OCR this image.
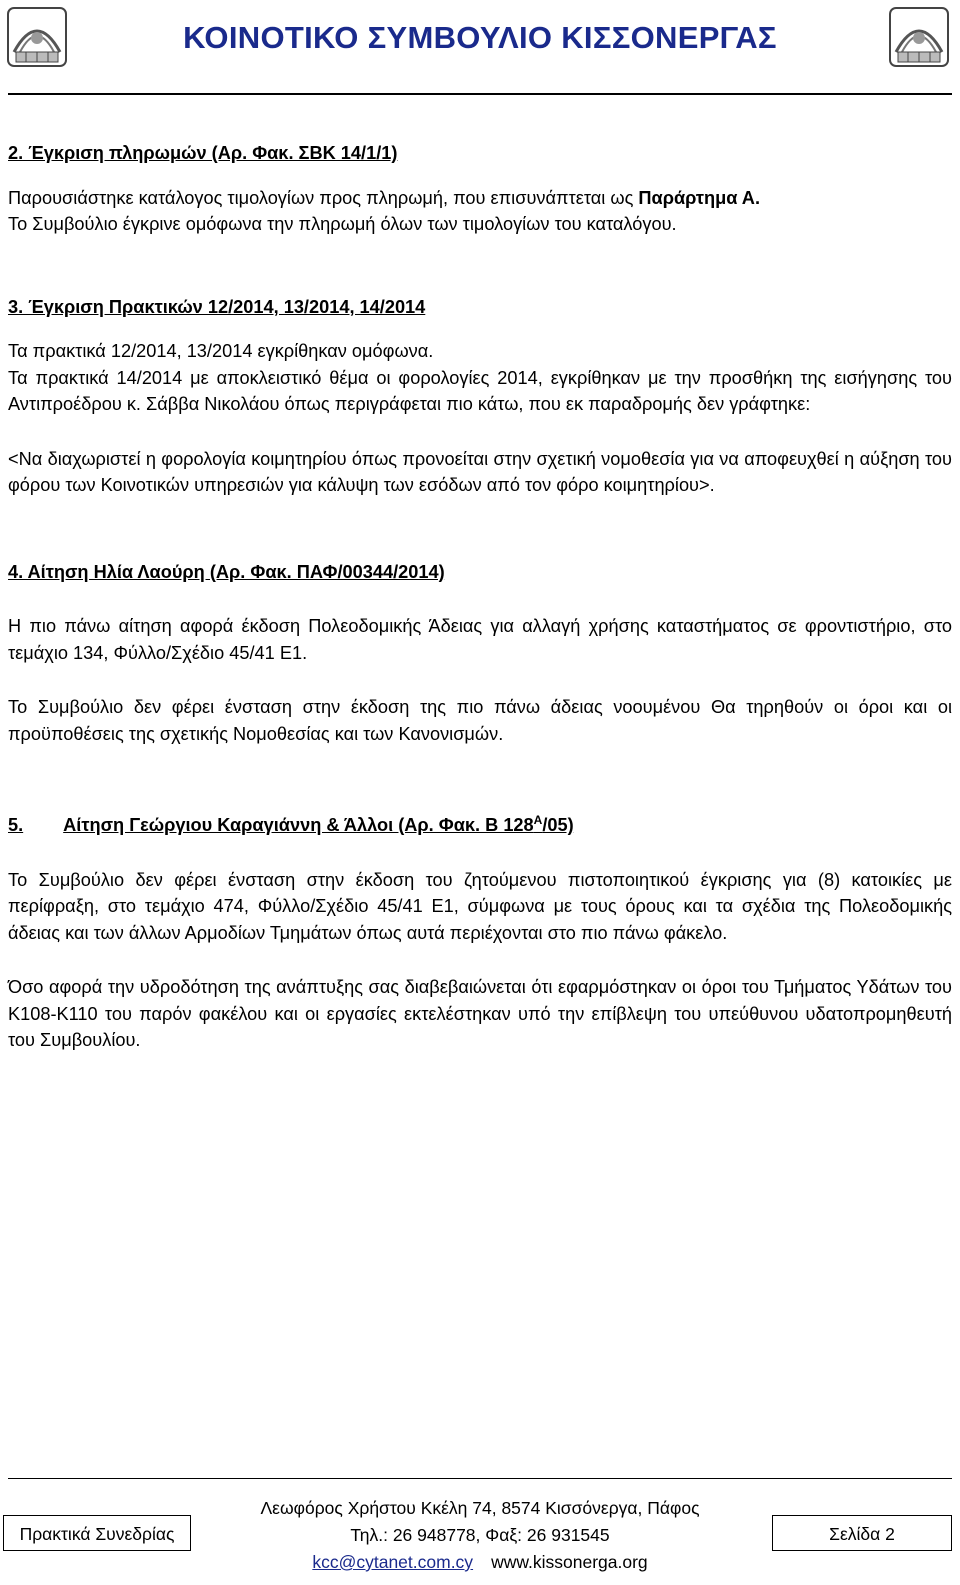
ΚΟΙΝΟΤΙΚΟ ΣΥΜΒΟΥΛΙΟ ΚΙΣΣΟΝΕΡΓΑΣ

2. Έγκριση πληρωμών (Αρ. Φακ. ΣΒΚ 14/1/1)

Παρουσιάστηκε κατάλογος τιμολογίων προς πληρωμή, που επισυνάπτεται ως Παράρτημα Α.

Το Συμβούλιο έγκρινε ομόφωνα την πληρωμή όλων των τιμολογίων του καταλόγου.

3. Έγκριση Πρακτικών 12/2014, 13/2014, 14/2014

Τα πρακτικά 12/2014, 13/2014 εγκρίθηκαν ομόφωνα.

Τα πρακτικά 14/2014 με αποκλειστικό θέμα οι φορολογίες 2014, εγκρίθηκαν με την προσθήκη της εισήγησης του Αντιπροέδρου κ. Σάββα Νικολάου όπως περιγράφεται πιο κάτω, που εκ παραδρομής δεν γράφτηκε:

<Να διαχωριστεί η φορολογία κοιμητηρίου όπως προνοείται στην σχετική νομοθεσία για να αποφευχθεί η αύξηση του φόρου των Κοινοτικών υπηρεσιών για κάλυψη των εσόδων από τον φόρο κοιμητηρίου>.

4. Αίτηση Ηλία Λαούρη (Αρ. Φακ. ΠΑΦ/00344/2014)

Η πιο πάνω αίτηση αφορά έκδοση Πολεοδομικής Άδειας για αλλαγή χρήσης καταστήματος σε φροντιστήριο, στο τεμάχιο 134, Φύλλο/Σχέδιο 45/41 Ε1.

Το Συμβούλιο δεν φέρει ένσταση στην έκδοση της πιο πάνω άδειας νοουμένου Θα τηρηθούν οι όροι και οι προϋποθέσεις της σχετικής Νομοθεσίας και των Κανονισμών.

5. Αίτηση Γεώργιου Καραγιάννη & Άλλοι (Αρ. Φακ. Β $128^A/05$)

Το Συμβούλιο δεν φέρει ένσταση στην έκδοση του ζητούμενου πιστοποιητικού έγκρισης για (8) κατοικίες με περίφραξη, στο τεμάχιο 474, Φύλλο/Σχέδιο 45/41 Ε1, σύμφωνα με τους όρους και τα σχέδια της Πολεοδομικής άδειας και των άλλων Αρμοδίων Τμημάτων όπως αυτά περιέχονται στο πιο πάνω φάκελο.

Όσο αφορά την υδροδότηση της ανάπτυξης σας διαβεβαιώνεται ότι εφαρμόστηκαν οι όροι του Τμήματος Υδάτων του Κ108-Κ110 του παρόν φακέλου και οι εργασίες εκτελέστηκαν υπό την επίβλεψη του υπεύθυνου υδατοπρομηθευτή του Συμβουλίου.

Πρακτικά Συνεδρίας
Λεωφόρος Χρήστου Κκέλη 74, 8574 Κισσόνεργα, Πάφος
Τηλ.: 26 948778, Φαξ: 26 931545
kcc@cytanet.com.cy www.kissonerga.org
Σελίδα 2
